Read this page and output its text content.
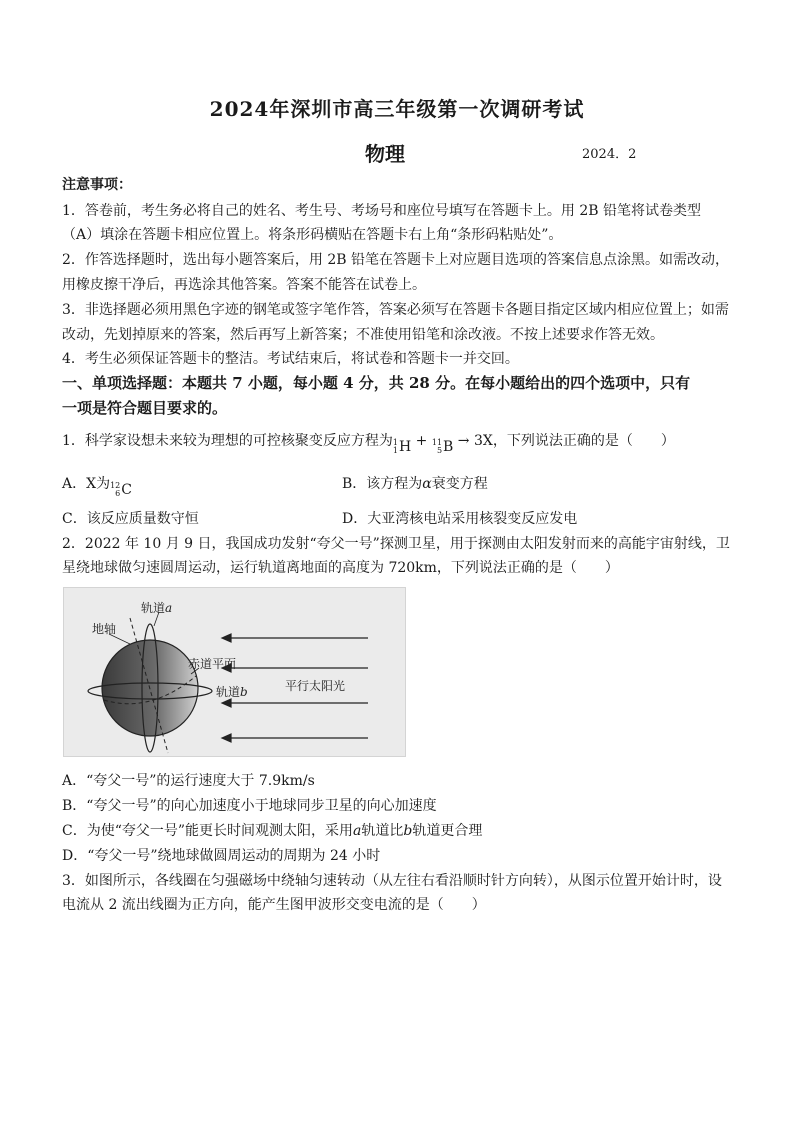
2024年深圳市高三年级第一次调研考试
物理	2024．2
注意事项：
1．答卷前，考生务必将自己的姓名、考生号、考场号和座位号填写在答题卡上。用 2B 铅笔将试卷类型
（A）填涂在答题卡相应位置上。将条形码横贴在答题卡右上角“条形码粘贴处”。
2．作答选择题时，选出每小题答案后，用 2B 铅笔在答题卡上对应题目选项的答案信息点涂黑。如需改动，
用橡皮擦干净后，再选涂其他答案。答案不能答在试卷上。
3．非选择题必须用黑色字迹的钢笔或签字笔作答，答案必须写在答题卡各题目指定区域内相应位置上；如需
改动，先划掉原来的答案，然后再写上新答案；不准使用铅笔和涂改液。不按上述要求作答无效。
4．考生必须保证答题卡的整洁。考试结束后，将试卷和答题卡一并交回。
一、单项选择题：本题共 7 小题，每小题 4 分，共 28 分。在每小题给出的四个选项中，只有
一项是符合题目要求的。
1．科学家设想未来较为理想的可控核聚变反应方程为 1
1 H + 11
5 B → 3X，下列说法正确的是（　　）
A．X为 12
6 C	B．该方程为α衰变方程
C．该反应质量数守恒	D．大亚湾核电站采用核裂变反应发电
2．2022 年 10 月 9 日，我国成功发射“夸父一号”探测卫星，用于探测由太阳发射而来的高能宇宙射线，卫
星绕地球做匀速圆周运动，运行轨道离地面的高度为 720km，下列说法正确的是（　　）
轨道a
地轴
赤道平面
轨道b	平行太阳光
A．“夸父一号”的运行速度大于 7.9km/s
B．“夸父一号”的向心加速度小于地球同步卫星的向心加速度
C．为使“夸父一号”能更长时间观测太阳，采用a轨道比b轨道更合理
D．“夸父一号”绕地球做圆周运动的周期为 24 小时
3．如图所示，各线圈在匀强磁场中绕轴匀速转动（从左往右看沿顺时针方向转），从图示位置开始计时，设
电流从 2 流出线圈为正方向，能产生图甲波形交变电流的是（　　）
